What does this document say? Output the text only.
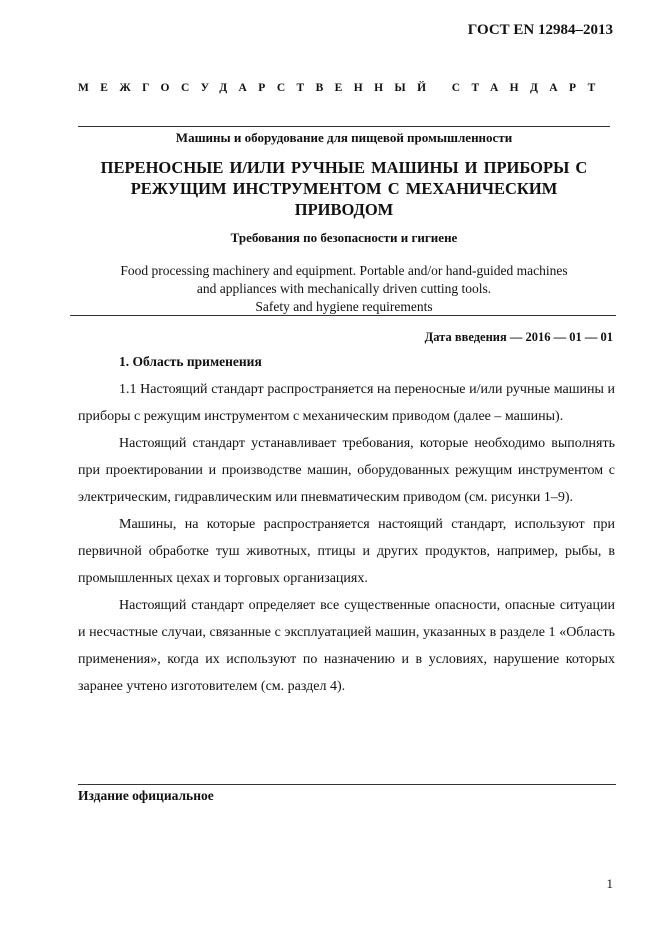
ГОСТ EN 12984–2013
МЕЖГОСУДАРСТВЕННЫЙ СТАНДАРТ
Машины и оборудование для пищевой промышленности
ПЕРЕНОСНЫЕ И/ИЛИ РУЧНЫЕ МАШИНЫ И ПРИБОРЫ С
РЕЖУЩИМ ИНСТРУМЕНТОМ С МЕХАНИЧЕСКИМ
ПРИВОДОМ
Требования по безопасности и гигиене
Food processing machinery and equipment. Portable and/or hand-guided machines
and appliances with mechanically driven cutting tools.
Safety and hygiene requirements
Дата введения — 2016 — 01 — 01
1. Область применения

1.1 Настоящий стандарт распространяется на переносные и/или ручные машины и приборы с режущим инструментом с механическим приводом (далее – машины).

Настоящий стандарт устанавливает требования, которые необходимо выполнять при проектировании и производстве машин, оборудованных режущим инструментом с электрическим, гидравлическим или пневматическим приводом (см. рисунки 1–9).

Машины, на которые распространяется настоящий стандарт, используют при первичной обработке туш животных, птицы и других продуктов, например, рыбы, в промышленных цехах и торговых организациях.

Настоящий стандарт определяет все существенные опасности, опасные ситуации и несчастные случаи, связанные с эксплуатацией машин, указанных в разделе 1 «Область применения», когда их используют по назначению и в условиях, нарушение которых заранее учтено изготовителем (см. раздел 4).

Издание официальное
1
